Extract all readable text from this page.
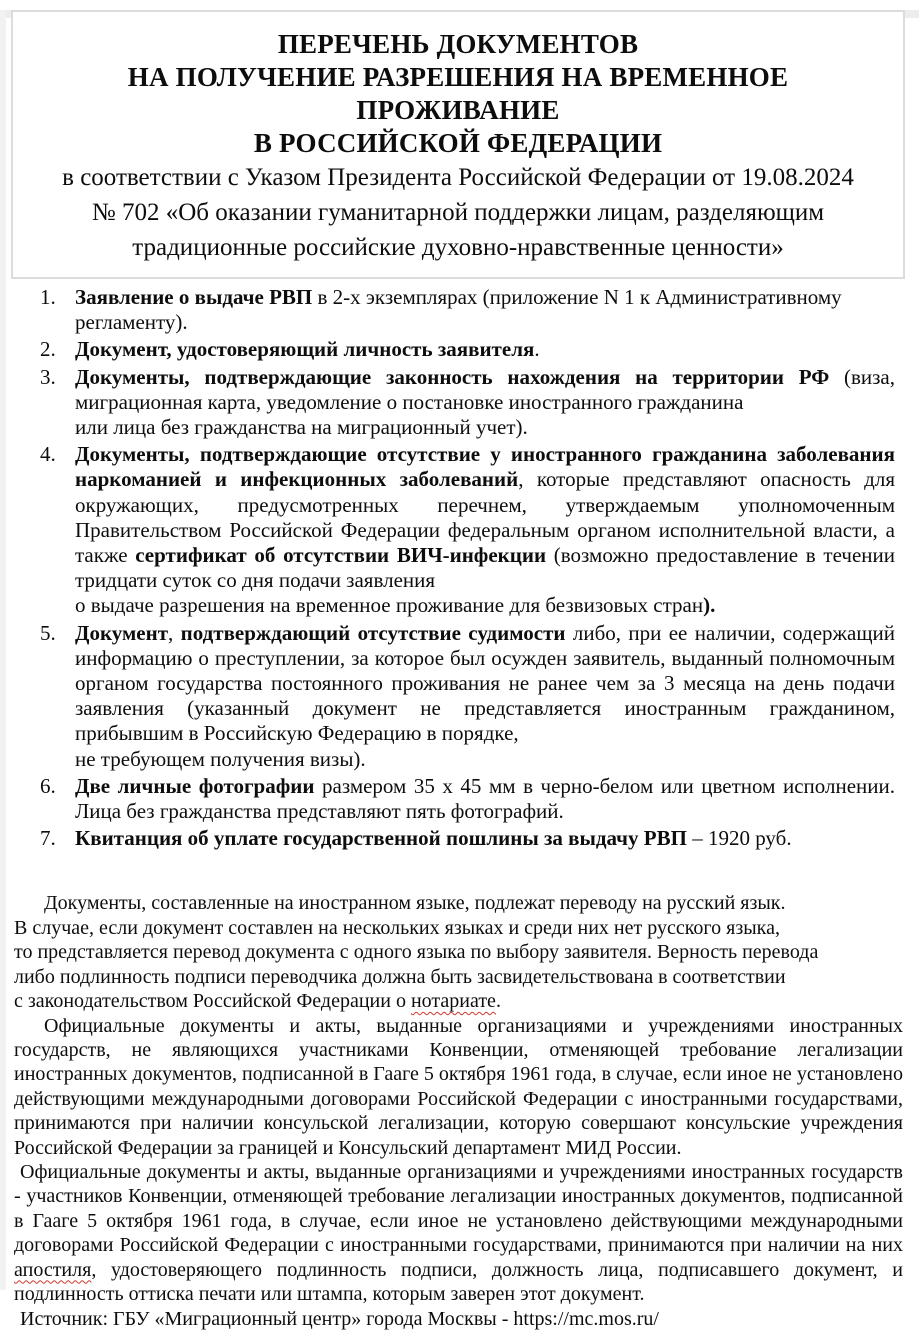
ПЕРЕЧЕНЬ ДОКУМЕНТОВ
НА ПОЛУЧЕНИЕ РАЗРЕШЕНИЯ НА ВРЕМЕННОЕ ПРОЖИВАНИЕ
В РОССИЙСКОЙ ФЕДЕРАЦИИ
в соответствии с Указом Президента Российской Федерации от 19.08.2024
№ 702 «Об оказании гуманитарной поддержки лицам, разделяющим
традиционные российские духовно-нравственные ценности»
1. Заявление о выдаче РВП в 2-х экземплярах (приложение N 1 к Административному регламенту).
2. Документ, удостоверяющий личность заявителя.
3. Документы, подтверждающие законность нахождения на территории РФ (виза, миграционная карта, уведомление о постановке иностранного гражданина
или лица без гражданства на миграционный учет).
4. Документы, подтверждающие отсутствие у иностранного гражданина заболевания наркоманией и инфекционных заболеваний, которые представляют опасность для окружающих, предусмотренных перечнем, утверждаемым уполномоченным Правительством Российской Федерации федеральным органом исполнительной власти, а также сертификат об отсутствии ВИЧ-инфекции (возможно предоставление в течении тридцати суток со дня подачи заявления
о выдаче разрешения на временное проживание для безвизовых стран).
5. Документ, подтверждающий отсутствие судимости либо, при ее наличии, содержащий информацию о преступлении, за которое был осужден заявитель, выданный полномочным органом государства постоянного проживания не ранее чем за 3 месяца на день подачи заявления (указанный документ не представляется иностранным гражданином, прибывшим в Российскую Федерацию в порядке,
не требующем получения визы).
6. Две личные фотографии размером 35 х 45 мм в черно-белом или цветном исполнении. Лица без гражданства представляют пять фотографий.
7. Квитанция об уплате государственной пошлины за выдачу РВП – 1920 руб.

Документы, составленные на иностранном языке, подлежат переводу на русский язык.
В случае, если документ составлен на нескольких языках и среди них нет русского языка,
то представляется перевод документа с одного языка по выбору заявителя. Верность перевода
либо подлинность подписи переводчика должна быть засвидетельствована в соответствии
с законодательством Российской Федерации о нотариате.

Официальные документы и акты, выданные организациями и учреждениями иностранных государств, не являющихся участниками Конвенции, отменяющей требование легализации иностранных документов, подписанной в Гааге 5 октября 1961 года, в случае, если иное не установлено действующими международными договорами Российской Федерации с иностранными государствами, принимаются при наличии консульской легализации, которую совершают консульские учреждения Российской Федерации за границей и Консульский департамент МИД России.

Официальные документы и акты, выданные организациями и учреждениями иностранных государств - участников Конвенции, отменяющей требование легализации иностранных документов, подписанной в Гааге 5 октября 1961 года, в случае, если иное не установлено действующими международными договорами Российской Федерации с иностранными государствами, принимаются при наличии на них апостиля, удостоверяющего подлинность подписи, должность лица, подписавшего документ, и подлинность оттиска печати или штампа, которым заверен этот документ.

Источник: ГБУ «Миграционный центр» города Москвы - https://mc.mos.ru/
